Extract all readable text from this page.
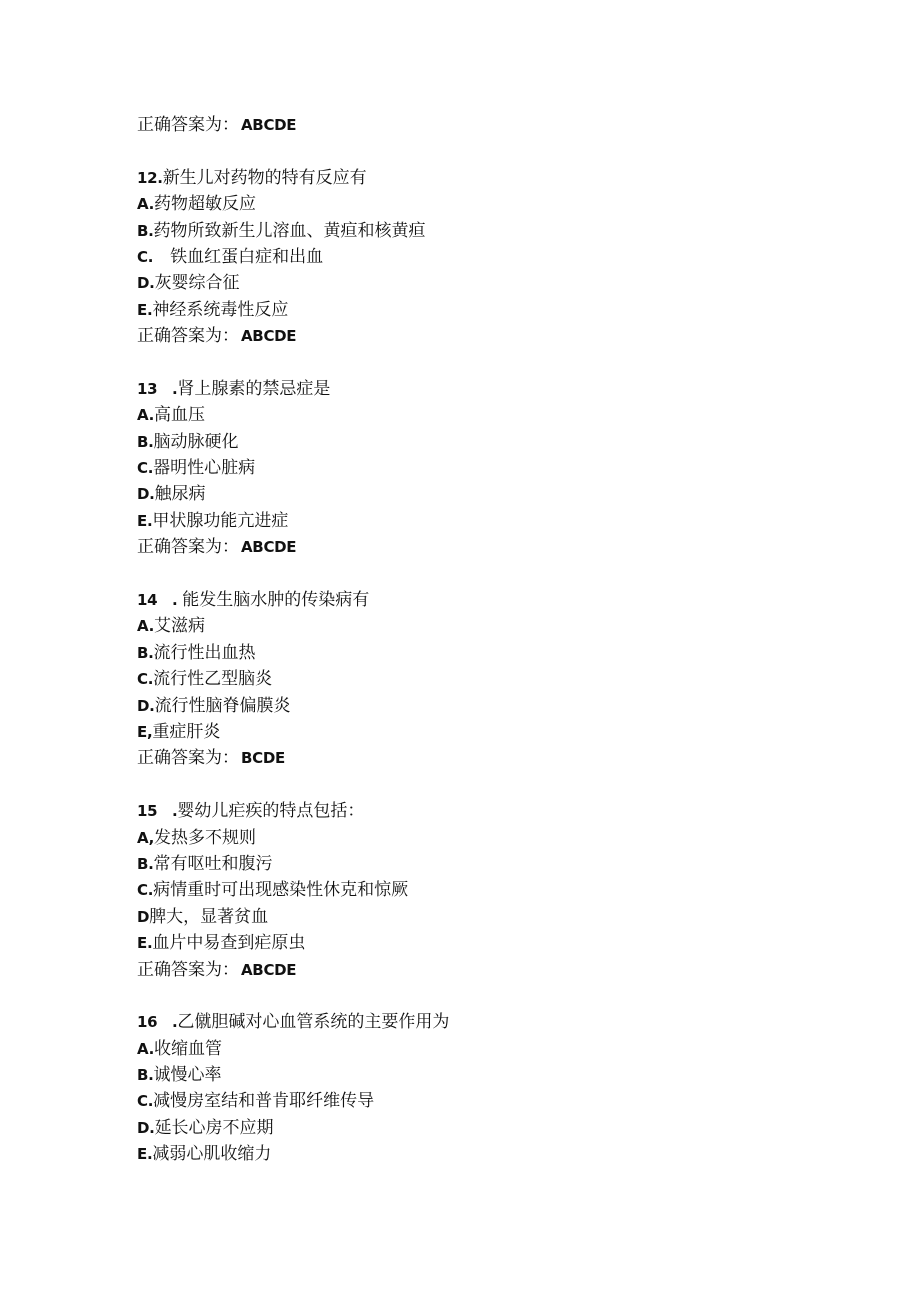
正确答案为： ABCDE
12.新生儿对药物的特有反应有
A.药物超敏反应
B.药物所致新生儿溶血、黄疸和核黄疸
C.　铁血红蛋白症和出血
D.灰婴综合征
E.神经系统毒性反应
正确答案为： ABCDE
13　.肾上腺素的禁忌症是
A.高血压
B.脑动脉硬化
C.器明性心脏病
D.触尿病
E.甲状腺功能亢进症
正确答案为： ABCDE
14　. 能发生脑水肿的传染病有
A.艾滋病
B.流行性出血热
C.流行性乙型脑炎
D.流行性脑脊偏膜炎
E,重症肝炎
正确答案为： BCDE
15　.婴幼儿疟疾的特点包括：
A,发热多不规则
B.常有呕吐和腹污
C.病情重时可出现感染性休克和惊厥
D脾大，显著贫血
E.血片中易查到疟原虫
正确答案为： ABCDE
16　.乙僦胆碱对心血管系统的主要作用为
A.收缩血管
B.诚慢心率
C.减慢房室结和普肯耶纤维传导
D.延长心房不应期
E.减弱心肌收缩力
